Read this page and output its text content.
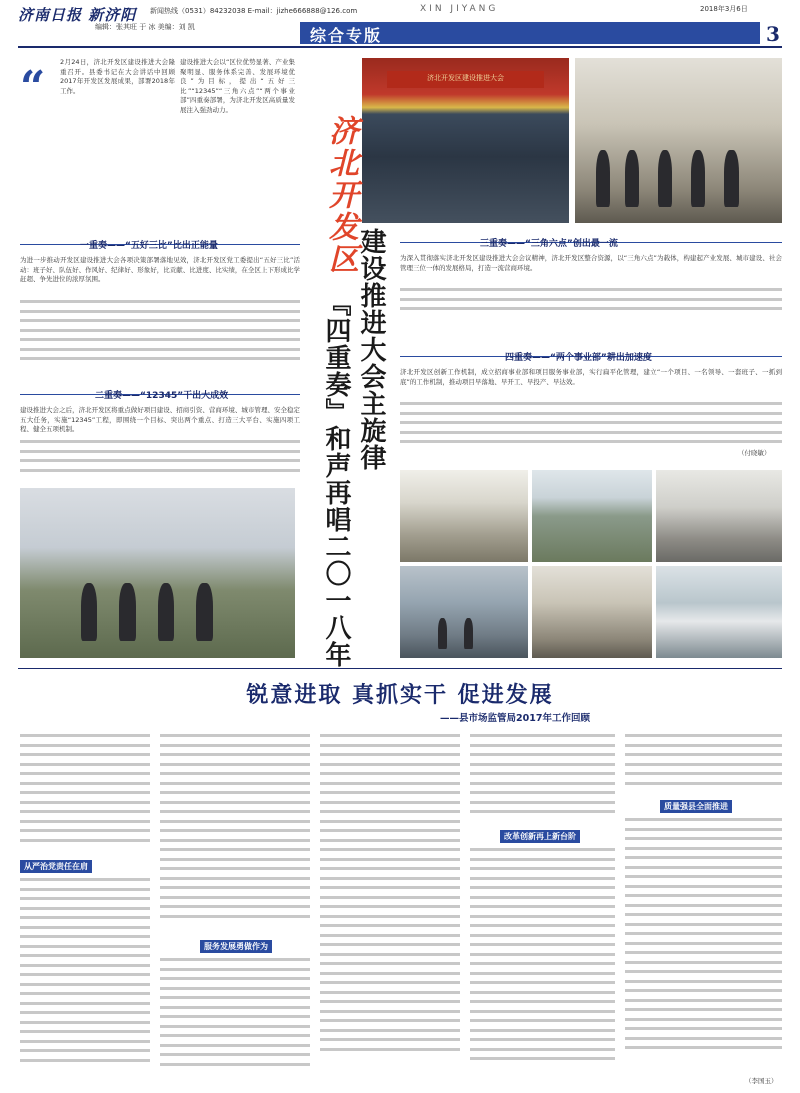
济南日报 新济阳 新闻热线（0531）84232038 E-mail：jizhe666888@126.com
编辑：张其旺 于 冰 美编：刘 凯
XIN JIYANG	2018年3月6日
综合专版	3
“ 2月24日，济北开发区建设推进大会隆重召开。县委书记在大会讲话中回顾2017年开发区发展成果，部署2018年工作。
建设推进大会以“区位优势显著、产业集聚明显、服务体系完善、发展环境优良”为目标，提出“五好三比”“12345”“三角六点”“两个事业部”四重奏部署，为济北开发区高质量发展注入强劲动力。
济北开发区建设推进大会
济北开发区
建设推进大会主旋律
『四重奏』和声再唱二〇一八年
一重奏——“五好三比”比出正能量
为进一步推动开发区建设推进大会各项决策部署落地见效，济北开发区党工委提出“五好三比”活动：班子好、队伍好、作风好、纪律好、形象好，比贡献、比进度、比实绩，在全区上下形成比学赶超、争先进位的浓厚氛围。
二重奏——“12345”干出大成效
建设推进大会之后，济北开发区将重点做好项目建设、招商引资、营商环境、城市管理、安全稳定五大任务，实施“12345”工程，即围绕一个目标、突出两个重点、打造三大平台、实施四项工程、健全五项机制。
三重奏——“三角六点”创出最一流
为深入贯彻落实济北开发区建设推进大会会议精神，济北开发区整合资源，以“三角六点”为载体，构建起产业发展、城市建设、社会管理三位一体的发展格局，打造一流营商环境。
四重奏——“两个事业部”耕出加速度
济北开发区创新工作机制，成立招商事业部和项目服务事业部，实行扁平化管理，建立“一个项目、一名领导、一套班子、一抓到底”的工作机制，推动项目早落地、早开工、早投产、早达效。
（付晓敏）
锐意进取 真抓实干 促进发展
——县市场监管局2017年工作回顾
从严治党责任在肩
服务发展勇做作为
改革创新再上新台阶
质量强县全面推进
（李国玉）
